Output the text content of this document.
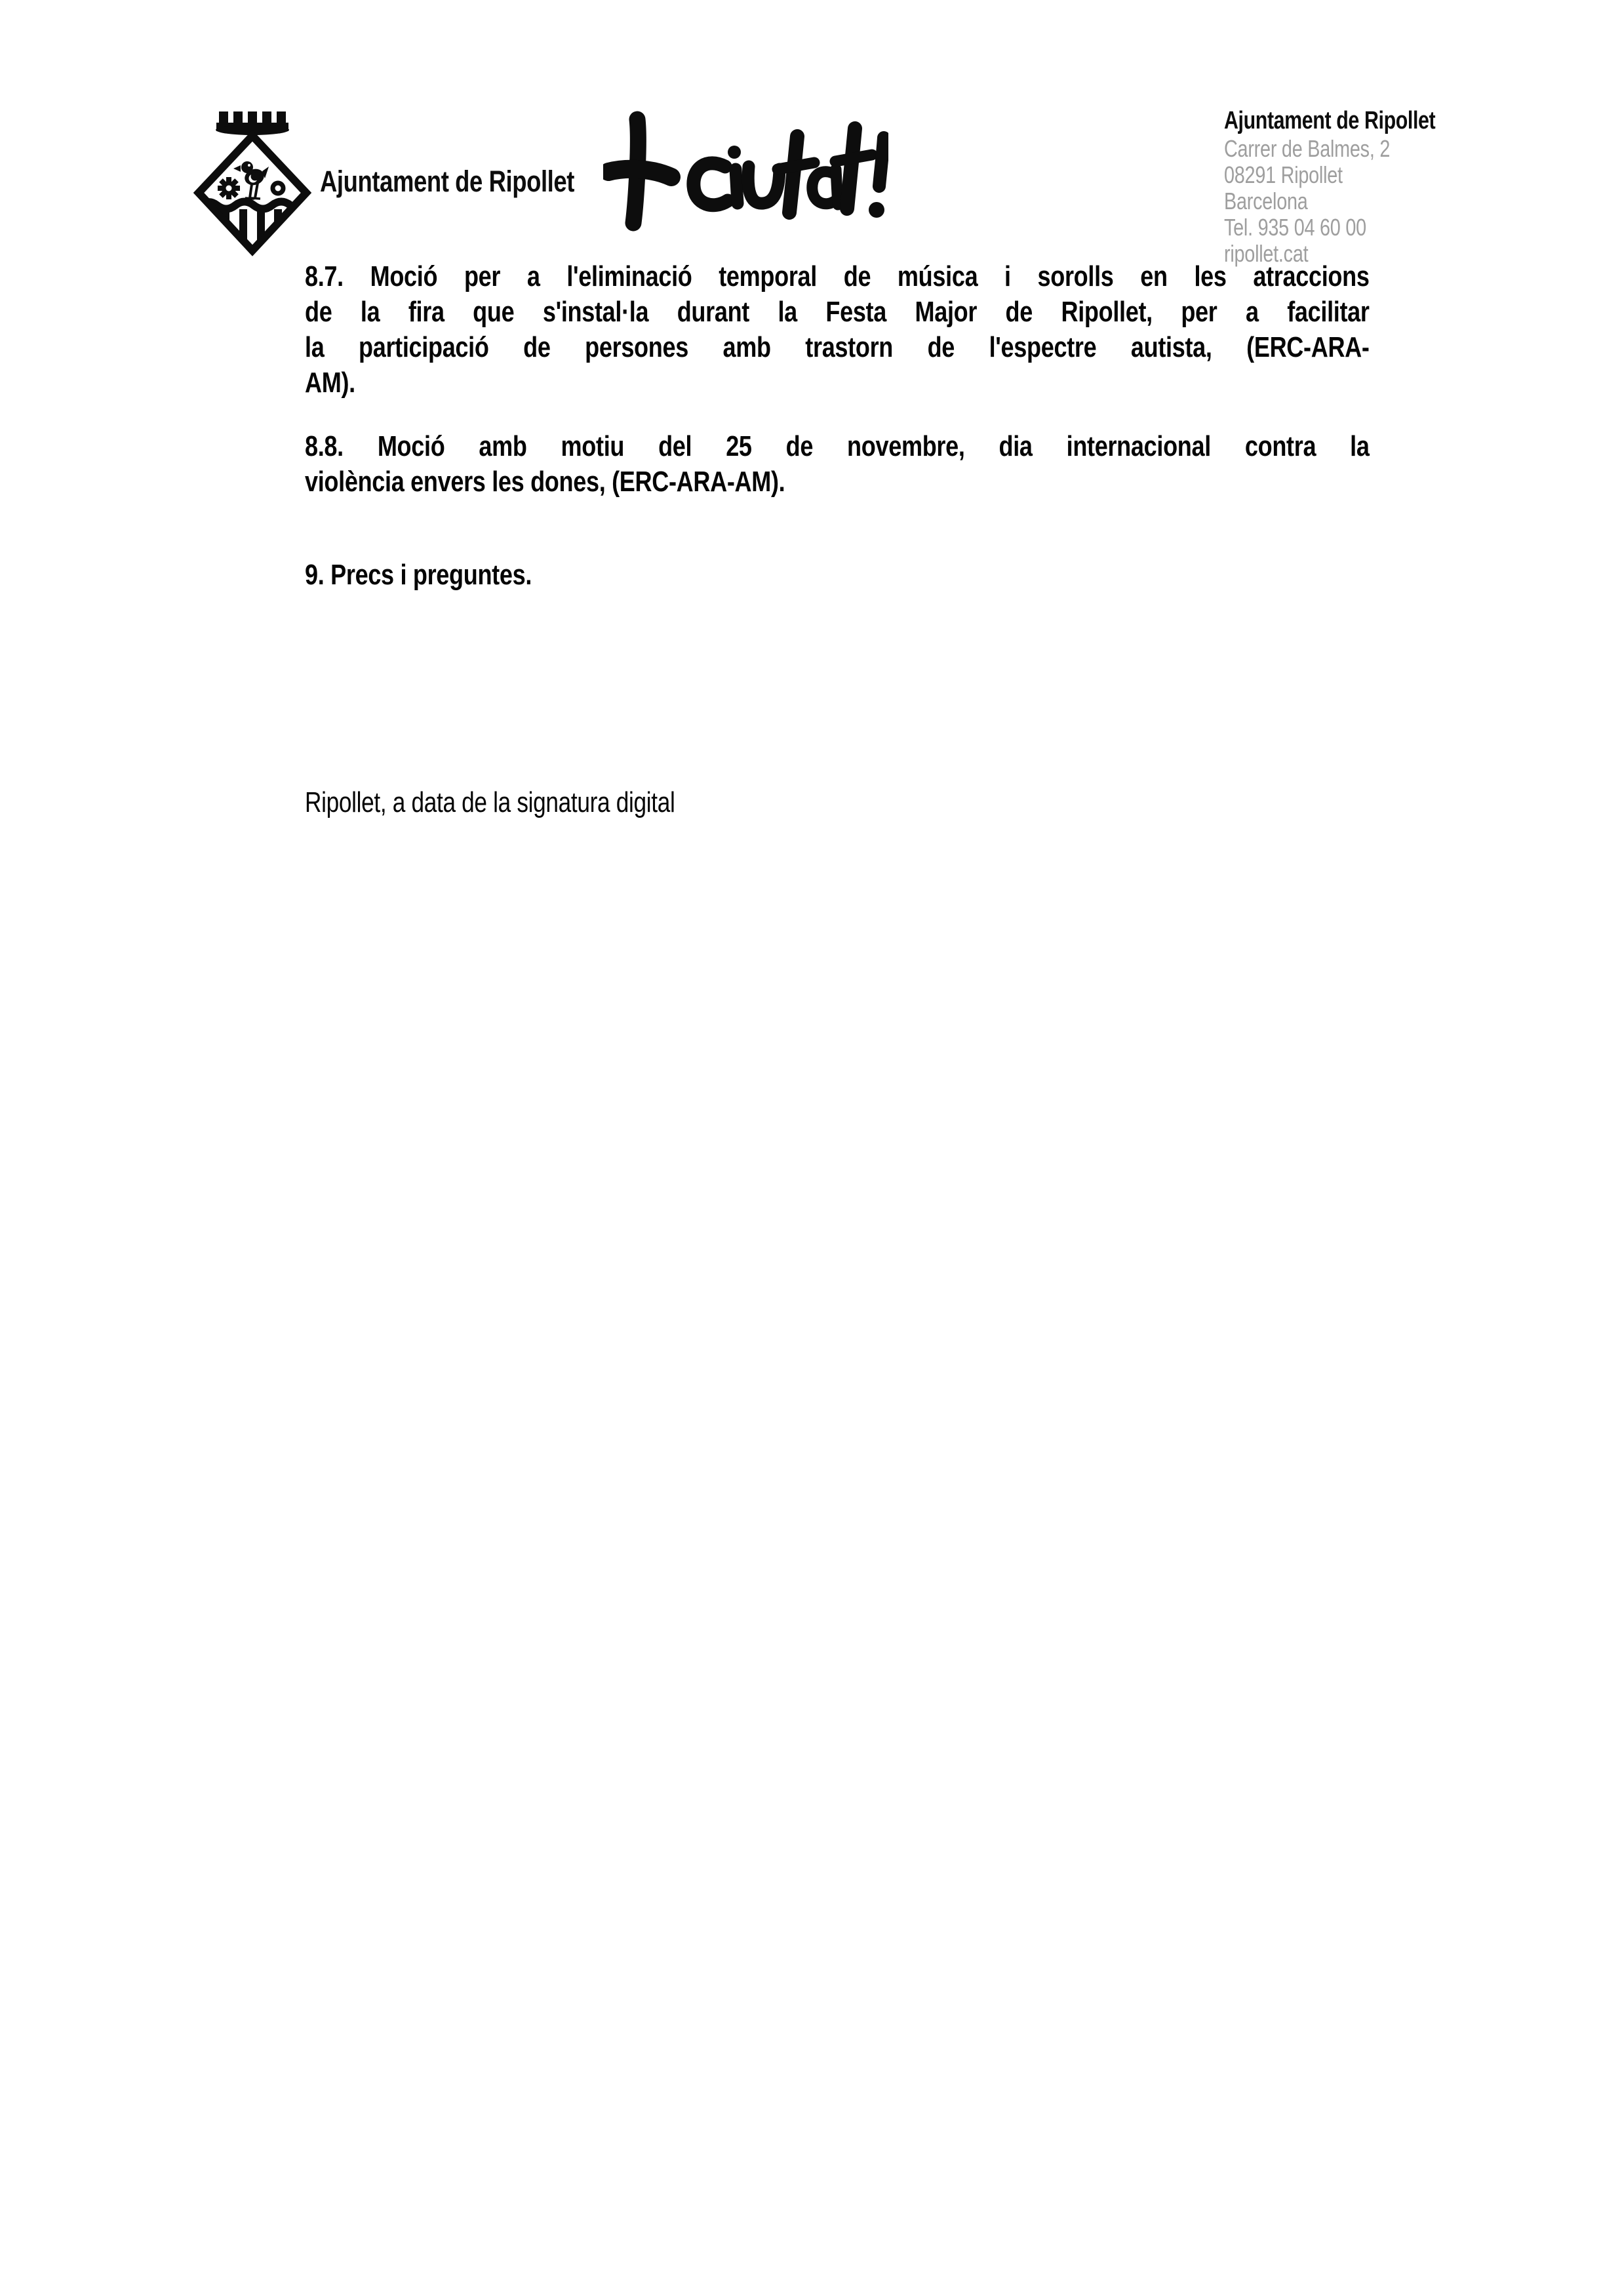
Ajuntament de Ripollet
Ajuntament de Ripollet
Carrer de Balmes, 2
08291 Ripollet
Barcelona
Tel. 935 04 60 00
ripollet.cat
8.7. Moció per a l'eliminació temporal de música i sorolls en les atraccions
de la fira que s'instal·la durant la Festa Major de Ripollet, per a facilitar
la participació de persones amb trastorn de l'espectre autista, (ERC-ARA-
AM).
8.8. Moció amb motiu del 25 de novembre, dia internacional contra la
violència envers les dones, (ERC-ARA-AM).
9. Precs i preguntes.
Ripollet, a data de la signatura digital
